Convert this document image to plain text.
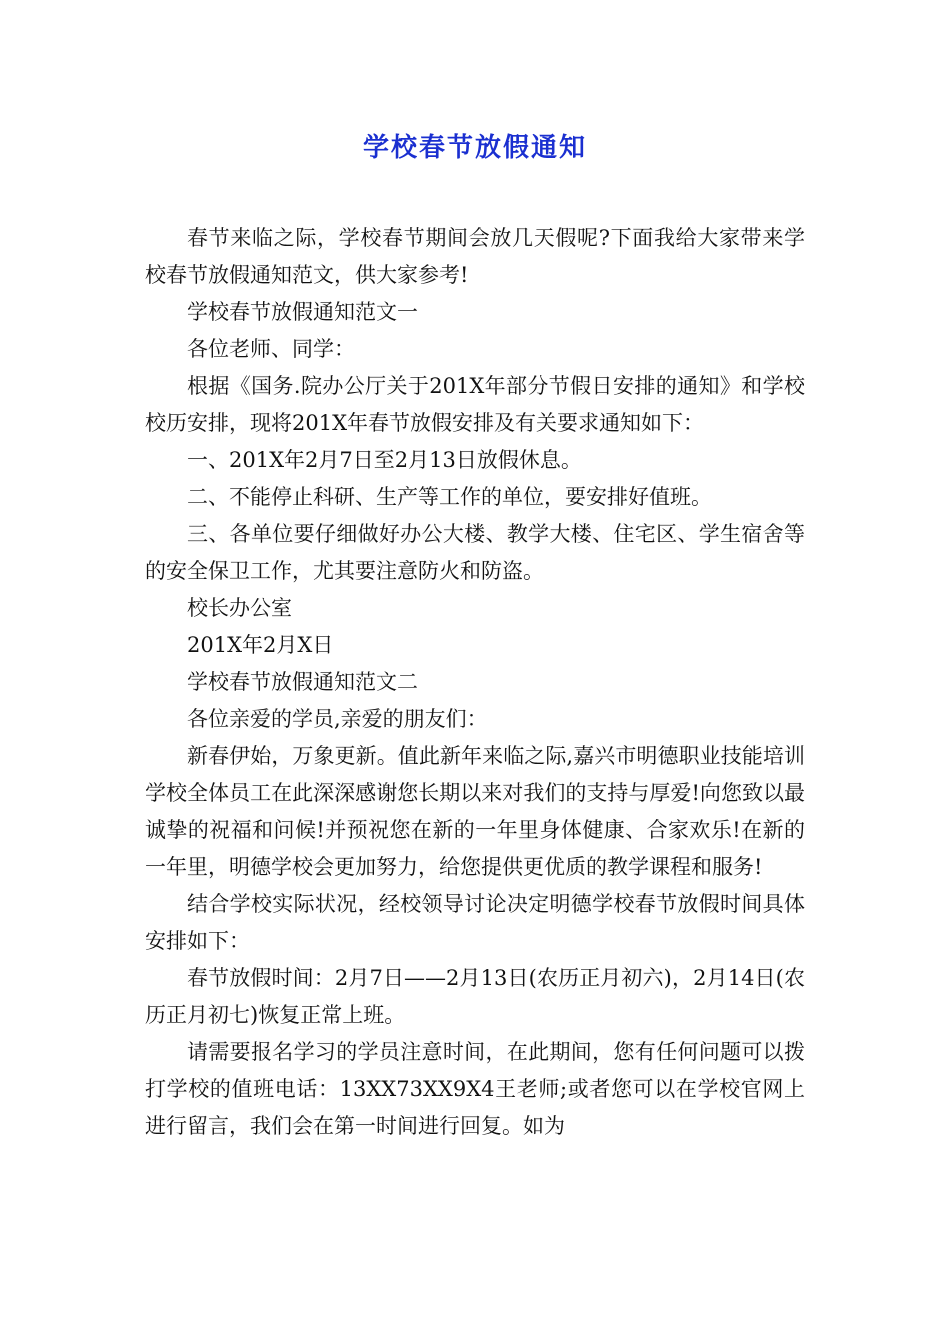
学校春节放假通知

春节来临之际，学校春节期间会放几天假呢?下面我给大家带来学校春节放假通知范文，供大家参考!

学校春节放假通知范文一

各位老师、同学：

根据《国务.院办公厅关于201X年部分节假日安排的通知》和学校校历安排，现将201X年春节放假安排及有关要求通知如下：

一、201X年2月7日至2月13日放假休息。

二、不能停止科研、生产等工作的单位，要安排好值班。

三、各单位要仔细做好办公大楼、教学大楼、住宅区、学生宿舍等的安全保卫工作，尤其要注意防火和防盗。

校长办公室

201X年2月X日

学校春节放假通知范文二

各位亲爱的学员,亲爱的朋友们：

新春伊始，万象更新。值此新年来临之际,嘉兴市明德职业技能培训学校全体员工在此深深感谢您长期以来对我们的支持与厚爱!向您致以最诚挚的祝福和问候!并预祝您在新的一年里身体健康、合家欢乐!在新的一年里，明德学校会更加努力，给您提供更优质的教学课程和服务!

结合学校实际状况，经校领导讨论决定明德学校春节放假时间具体安排如下：

春节放假时间：2月7日——2月13日(农历正月初六)，2月14日(农历正月初七)恢复正常上班。

请需要报名学习的学员注意时间，在此期间，您有任何问题可以拨打学校的值班电话：13XX73XX9X4王老师;或者您可以在学校官网上进行留言，我们会在第一时间进行回复。如为
